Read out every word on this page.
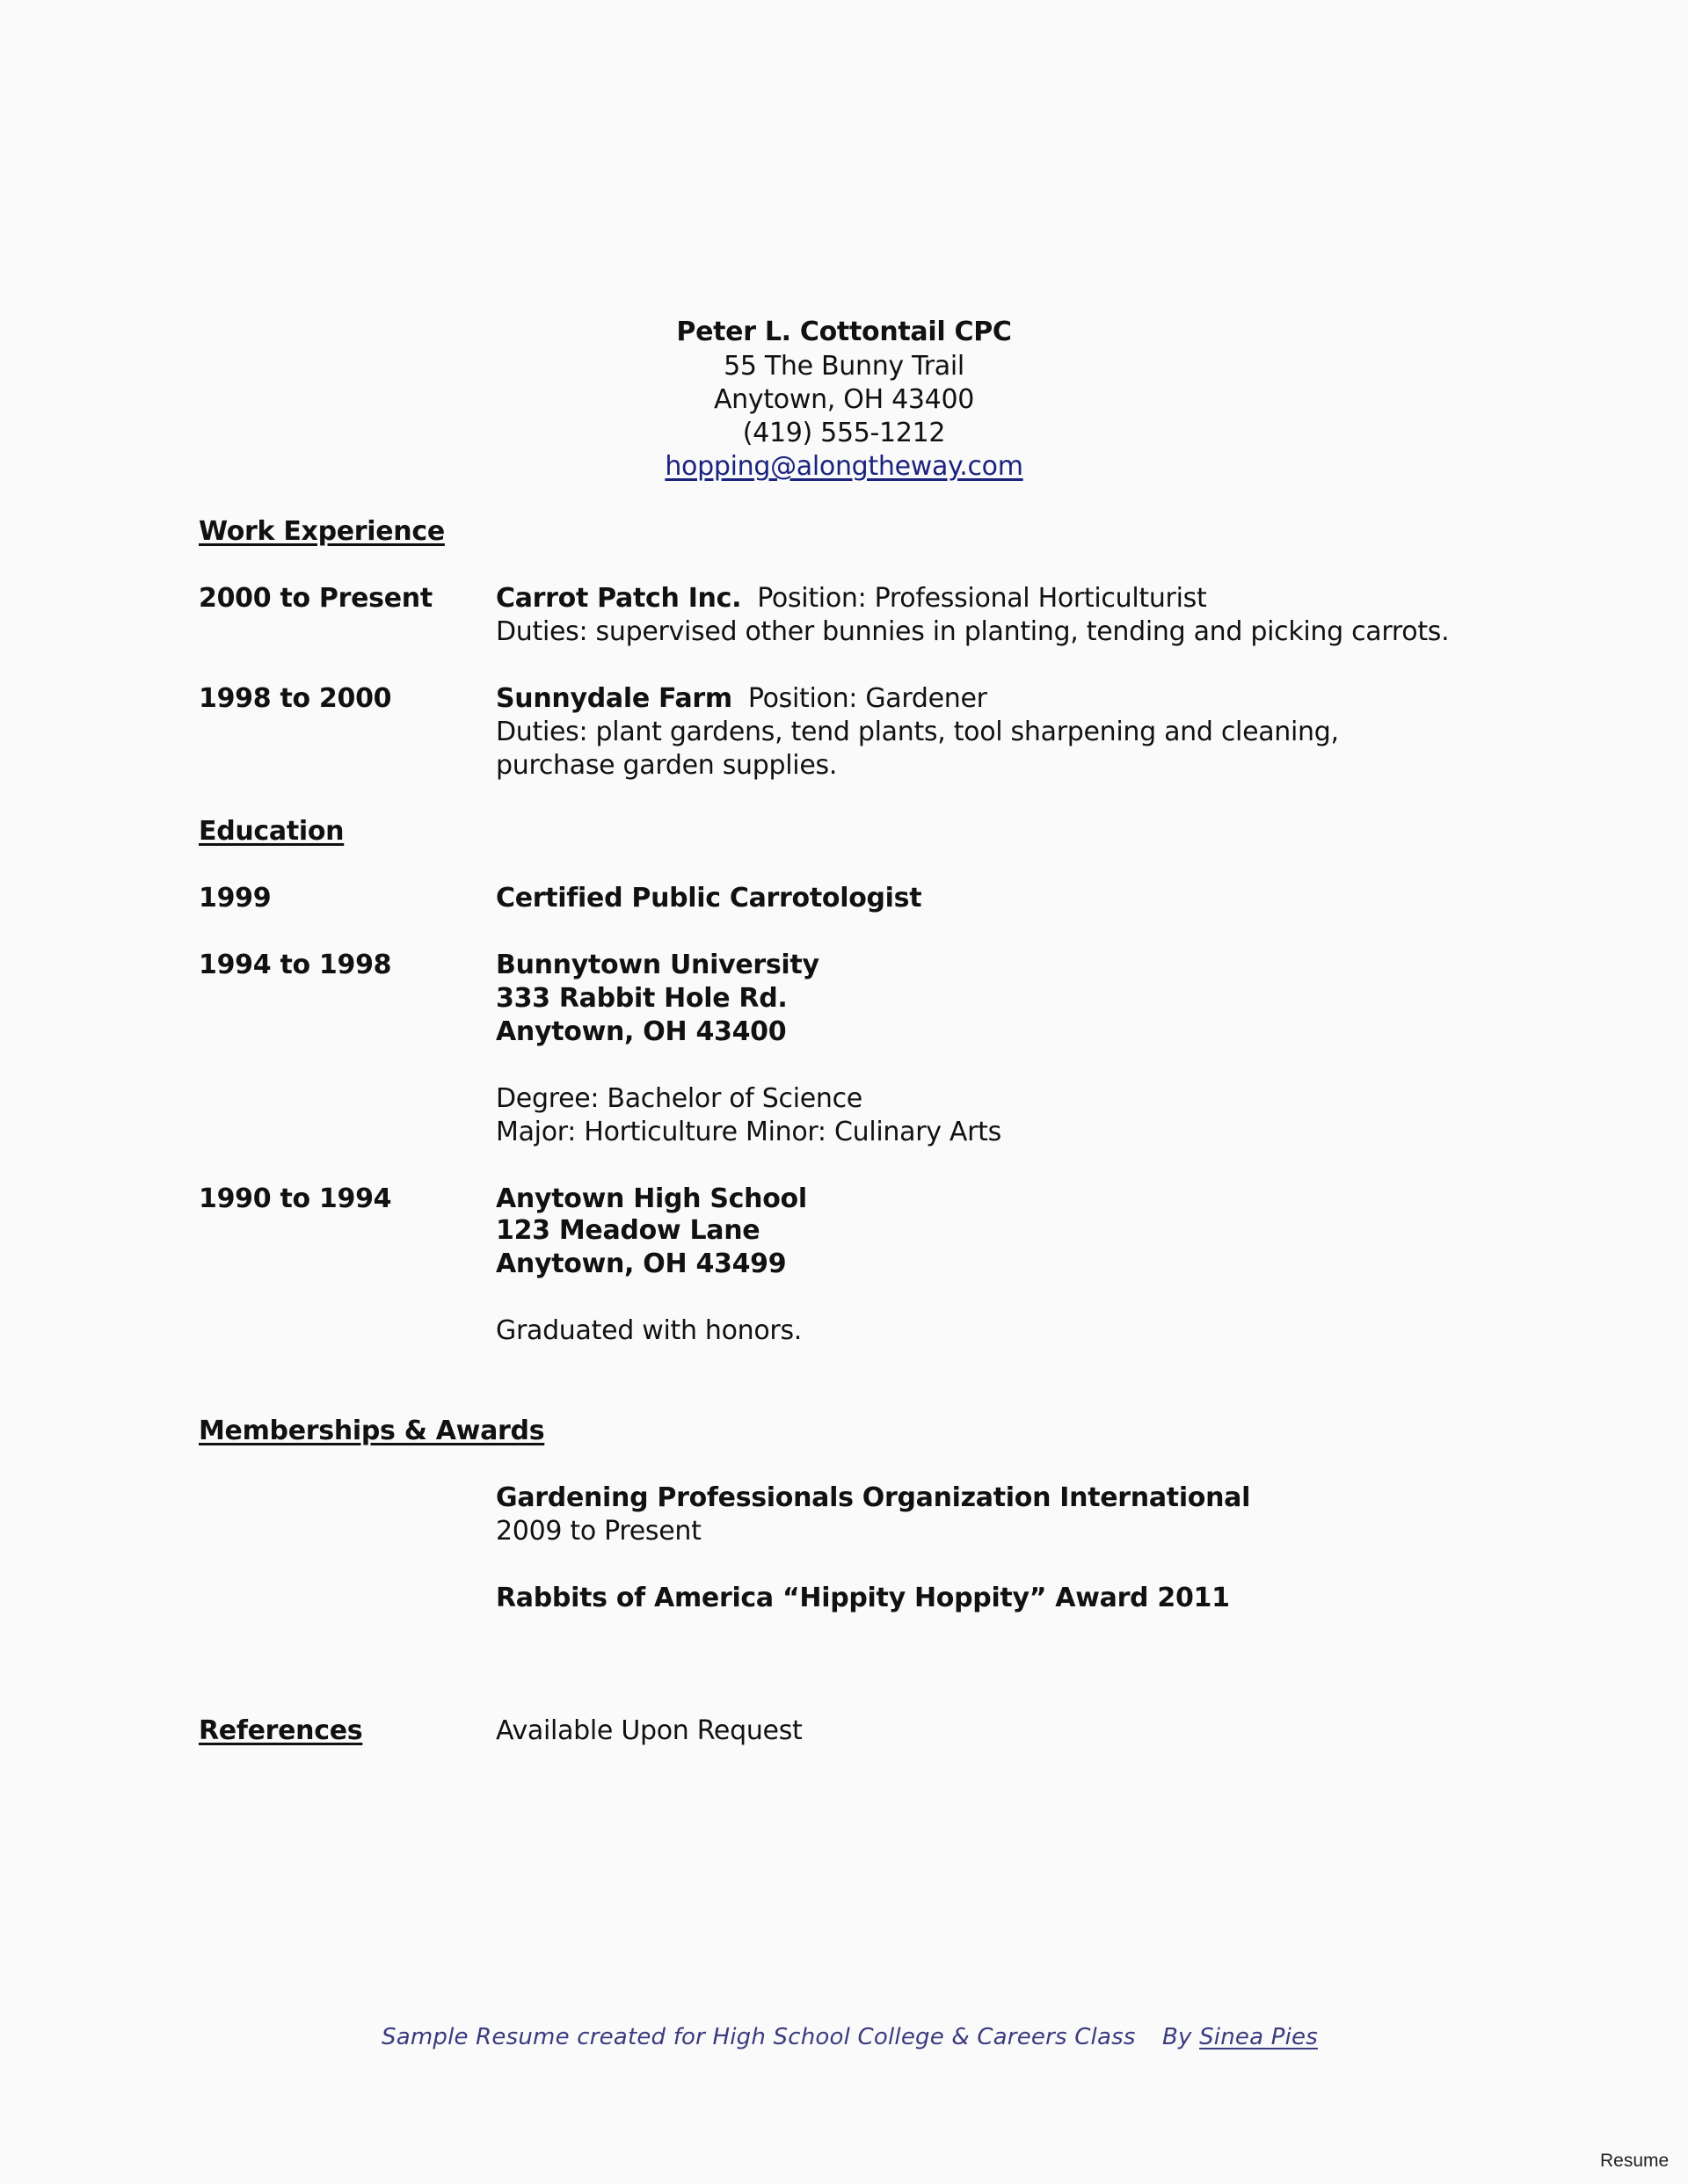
Peter L. Cottontail CPC
55 The Bunny Trail
Anytown, OH 43400
(419) 555-1212
hopping@alongtheway.com
Work Experience
2000 to Present Carrot Patch Inc. Position: Professional Horticulturist
Duties: supervised other bunnies in planting, tending and picking carrots.
1998 to 2000	Sunnydale Farm Position: Gardener
Duties: plant gardens, tend plants, tool sharpening and cleaning,
purchase garden supplies.
Education
1999	Certified Public Carrotologist
1994 to 1998	Bunnytown University
333 Rabbit Hole Rd.
Anytown, OH 43400
Degree: Bachelor of Science
Major: Horticulture Minor: Culinary Arts
1990 to 1994	Anytown High School
123 Meadow Lane
Anytown, OH 43499
Graduated with honors.
Memberships & Awards
Gardening Professionals Organization International
2009 to Present
Rabbits of America “Hippity Hoppity” Award 2011
References	Available Upon Request
Sample Resume created for High School College & Careers Class By Sinea Pies
Resume
